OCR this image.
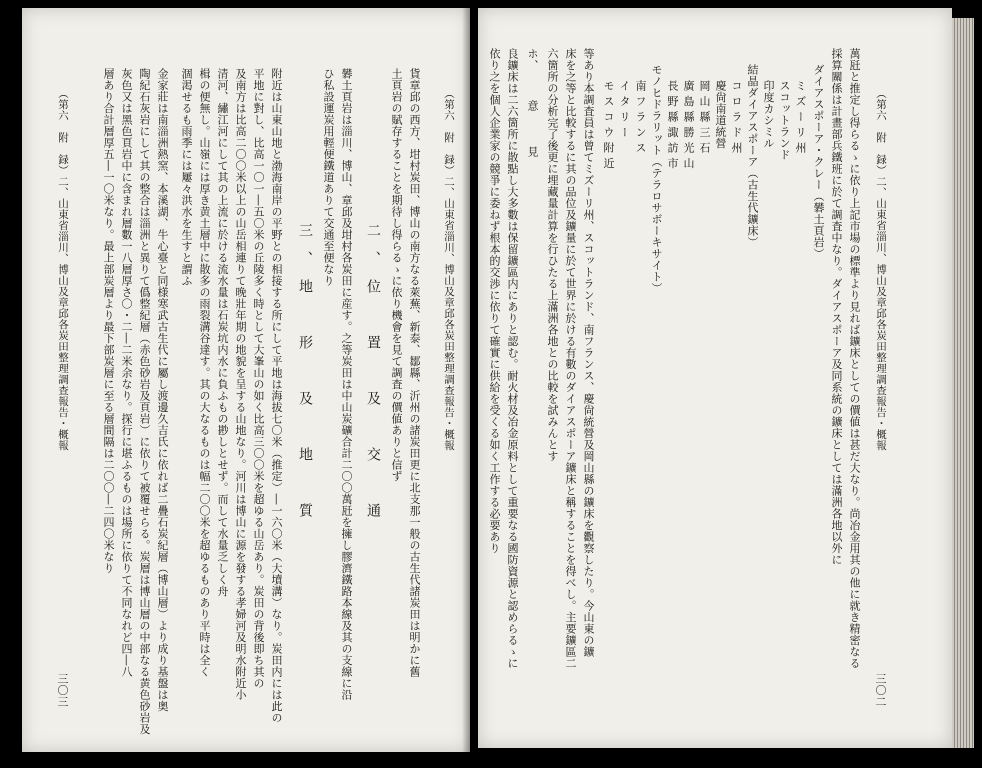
（第六　附　録）二、山東省淄川、博山及章邱各炭田整理調查報告・概報
貨章邱の西方、坩村炭田、博山の南方なる萊蕪、新泰、鄒縣、沂州の諸炭田更に北支那一般の古生代諸炭田は明かに舊
土頁岩の賦存することを期待し得らるゝに依り機會を見て調査の價値ありと信ず
二、位　置　及　交　通
礬土頁岩は淄川、博山、章邱及坩村各炭田に産す。之等炭田は中山炭礦合計二〇〇萬瓩を擁し膠濟鐵路本線及其の支線に沿
ひ私設運炭用輕便鐵道ありて交通至便なり
三、地　形　及　地　質
附近は山東山地と渤海南岸の平野との相接する所にして平地は海拔七〇米（推定）―一六〇米（大墳溝）なり。炭田内には此の
平地に對し、比高一〇一―五〇米の丘陵多く時として大峯山の如く比高三〇〇米を超ゆる山岳あり。炭田の背後即ち其の
及南方は比高二〇〇米以上の山岳相連りて晚壯年期の地貌を呈する山地なり。河川は博山に源を發する孝婦河及明水附近小
清河、繡江河にして其の上流に於ける流水量は石炭坑内水に負ふもの尠しとせず。而して水量乏しく舟
楫の便無し。山嶺には厚き黄土層中に散多の雨裂溝谷達す。其の大なるものは幅二〇〇米を超ゆるものあり平時は全く
涸渇せるも雨季には屢々洪水を生すと謂ふ
金家莊は南淄洲熱窯、本溪湖、牛心臺と同様寒武古生代に屬し渡邊久吉氏に依れば二疊石炭紀層（博山層）より成り基盤は奥
陶紀石灰岩にして其の整合は淄洲と異りて僞整紀層（赤色砂岩及頁岩）に依りて被覆せらる。炭層は博山層の中部なる黄色砂岩及
灰色又は黑色頁岩中に含まれ層數一八層厚さ〇・二―二米余なり。探行に堪ふるものは場所に依りて不同なれど四―八
層あり合計層厚五―一〇米なり。最上部炭層より最下部炭層に至る層間隔は二〇〇―二四〇米なり
（第六　附　録）二、山東省淄川、博山及章邱各炭田整理調查報告・概報
三〇三
（第六　附　録）二、山東省淄川、博山及章邱各炭田整理調查報告・概報
三〇二
萬瓩と推定し得らるゝに依り上記市場の標準より見れば鑛床としての價値は甚だ大なり。尚冶金用其の他に就き精密なる
採算關係は計畫部兵鐵班に於て調査中なり。ダイアスポーア及同系統の鑛床としては滿洲各地以外に
ダイアスポーア・クレー（礬土頁岩）
ミ ズ ー リ 州
スコットランド
印度カシミル
結晶ダイアスポーア（古生代鑛床）
コ ロ ラ ド 州
慶尙南道統營
岡 山 縣 三 石
廣 島 縣 勝 光 山
長 野 縣 諏 訪 市
モノヒドラリット（テラロサボーキサイト）
南 フ ラ ン ス
イ タ リ ー
モ ス コ ウ 附 近
等あり本調査員は曾てミズーリ州、スコットランド、南フランス、慶尙統營及岡山縣の鑛床を觀察したり。今山東の鑛
床を之等と比較するに其の品位及鑛量に於て世界に於ける有數のダイアスポーア鑛床と稱することを得べし。主要鑛區二
六箇所の分析完了後更に埋藏量計算を行ひたる上滿洲各地との比較を試みんとす
ホ、　　　意　　　見
良鑛床は二六箇所に散點し大多數は保留鑛區内にありと認む。耐火材及冶金原料として重要なる國防資源と認めらるゝに
依り之を個人企業家の競爭に委ねず根本的交渉に依りて確實に供給を受くる如く工作する必要あり
